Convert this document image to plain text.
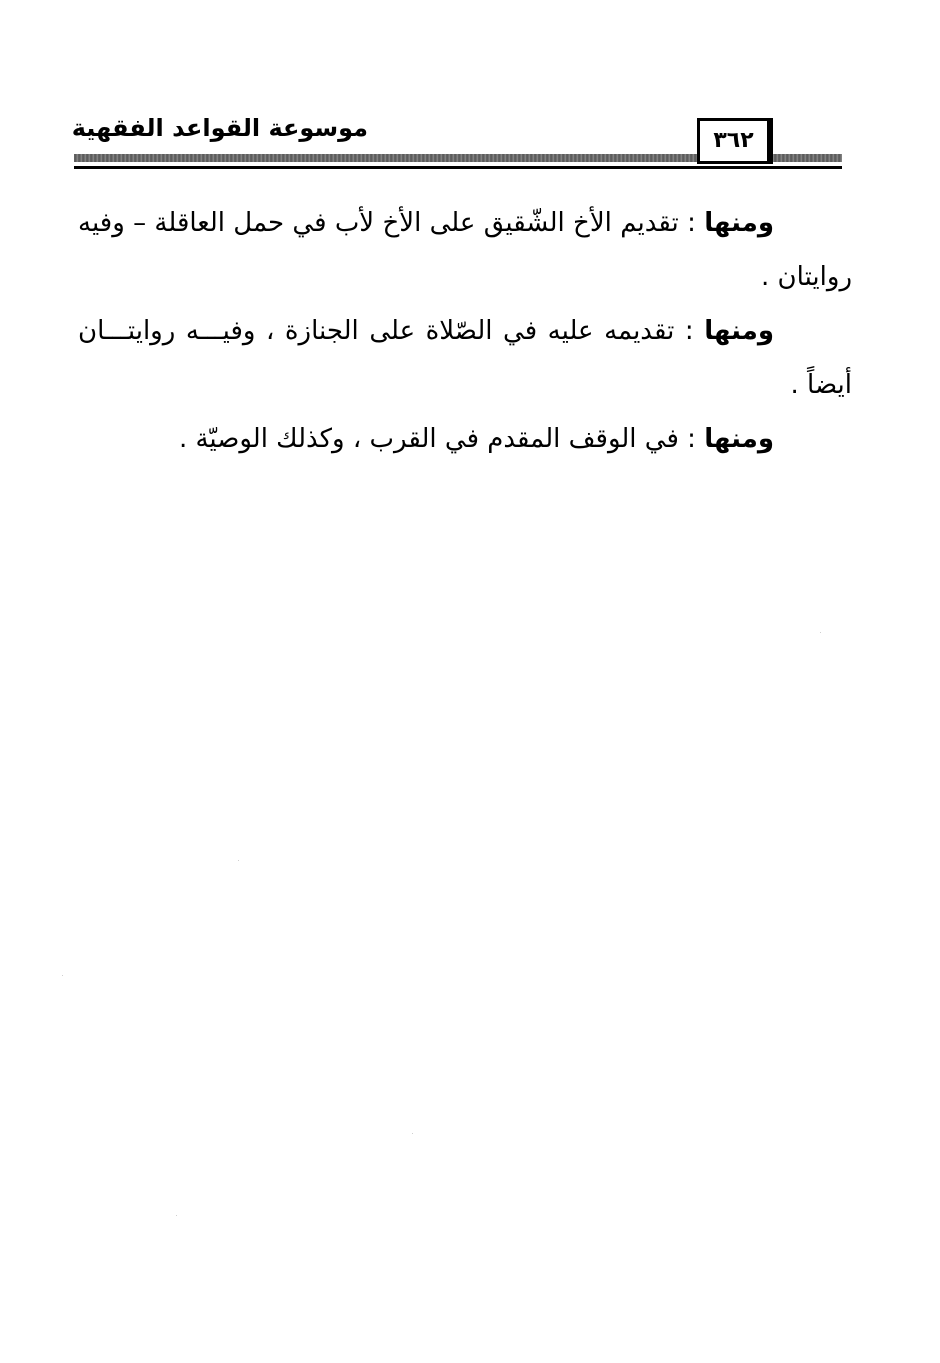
موسوعة القواعد الفقهية	٣٦٢

ومنها : تقديم الأخ الشّقيق على الأخ لأب في حمل العاقلة – وفيه
روايتان .

ومنها : تقديمه عليه في الصّلاة على الجنازة ، وفيـــه روايتـــان
أيضاً .

ومنها : في الوقف المقدم في القرب ، وكذلك الوصيّة .
